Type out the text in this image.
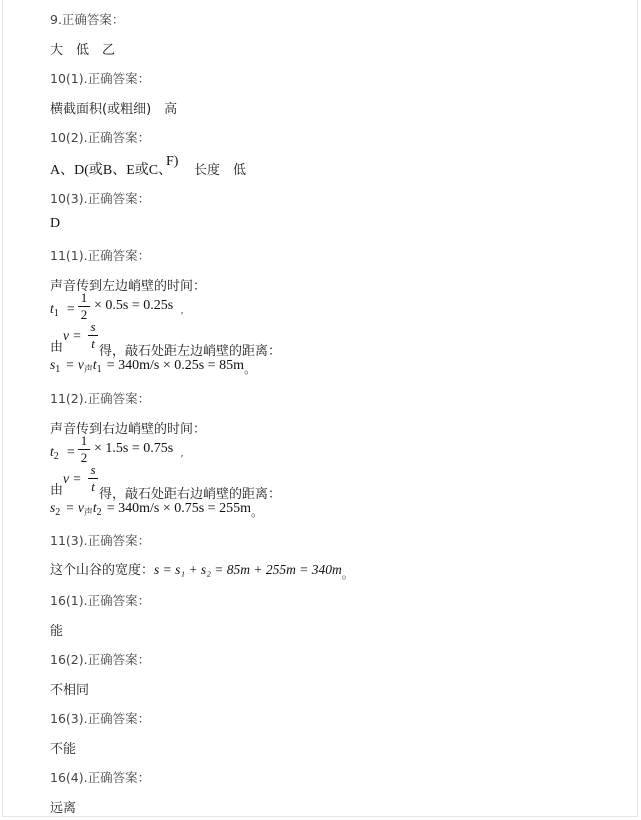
9.正确答案：
大　低　乙
10(1).正确答案：
横截面积(或粗细)　高
10(2).正确答案：
A、D(或B、E或C、
F)
长度　低
10(3).正确答案：
D
11(1).正确答案：
声音传到左边峭壁的时间：
$t_1$ =
1
2
× 0.5s = 0.25s
ʹ
由
v =
s
t
得，敲石处距左边峭壁的距离：
$s_1 = v_声t_1 = 340m/s \times 0.25s = 85m_。$
11(2).正确答案：
声音传到右边峭壁的时间：
$t_2$ =
1
2
× 1.5s = 0.75s
ʹ
由
v =
s
t
得，敲石处距右边峭壁的距离：
$s_2 = v_声t_2 = 340m/s \times 0.75s = 255m_。$
11(3).正确答案：
这个山谷的宽度：$s = s_1 + s_2 = 85m + 255m = 340m_。$
16(1).正确答案：
能
16(2).正确答案：
不相同
16(3).正确答案：
不能
16(4).正确答案：
远离
